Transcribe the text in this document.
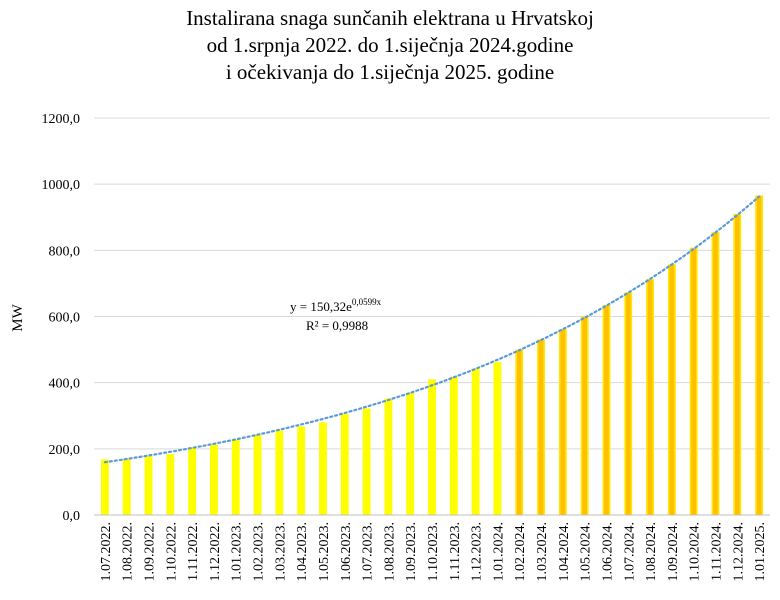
Instalirana snaga sunčanih elektrana u Hrvatskoj
od 1.srpnja 2022. do 1.siječnja 2024.godine
i očekivanja do 1.siječnja 2025. godine
MW
0,0
200,0
400,0
600,0
800,0
1000,0
1200,0
1.07.2022. 1.08.2022. 1.09.2022. 1.10.2022. 1.11.2022. 1.12.2022. 1.01.2023. 1.02.2023. 1.03.2023. 1.04.2023. 1.05.2023. 1.06.2023. 1.07.2023. 1.08.2023. 1.09.2023. 1.10.2023. 1.11.2023. 1.12.2023. 1.01.2024. 1.02.2024. 1.03.2024. 1.04.2024. 1.05.2024. 1.06.2024. 1.07.2024. 1.08.2024. 1.09.2024. 1.10.2024. 1.11.2024. 1.12.2024. 1.01.2025.
$y = 150,32e^{0,0599x}$
R² = 0,9988
